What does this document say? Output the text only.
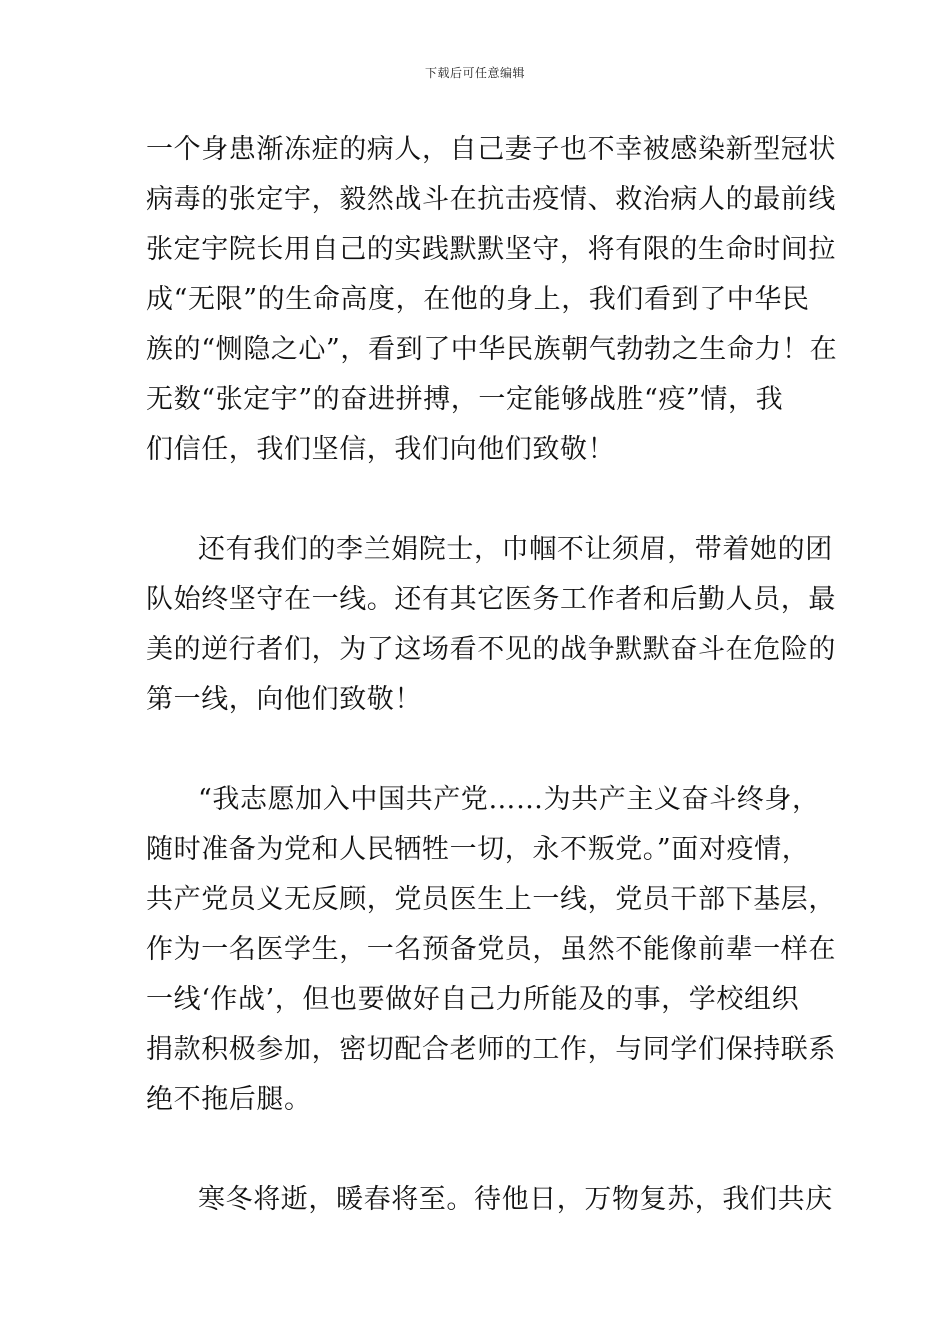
下载后可任意编辑
一个身患渐冻症的病人，自己妻子也不幸被感染新型冠状
病毒的张定宇，毅然战斗在抗击疫情、救治病人的最前线
张定宇院长用自己的实践默默坚守，将有限的生命时间拉
成“无限”的生命高度，在他的身上，我们看到了中华民
族的“恻隐之心”，看到了中华民族朝气勃勃之生命力！在
无数“张定宇”的奋进拼搏，一定能够战胜“疫”情，我
们信任，我们坚信，我们向他们致敬！
还有我们的李兰娟院士，巾帼不让须眉，带着她的团
队始终坚守在一线。还有其它医务工作者和后勤人员，最
美的逆行者们，为了这场看不见的战争默默奋斗在危险的
第一线，向他们致敬！
“我志愿加入中国共产党……为共产主义奋斗终身，
随时准备为党和人民牺牲一切，永不叛党。”面对疫情，
共产党员义无反顾，党员医生上一线，党员干部下基层，
作为一名医学生，一名预备党员，虽然不能像前辈一样在
一线‘作战’，但也要做好自己力所能及的事，学校组织
捐款积极参加，密切配合老师的工作，与同学们保持联系
绝不拖后腿。
寒冬将逝，暖春将至。待他日，万物复苏，我们共庆
